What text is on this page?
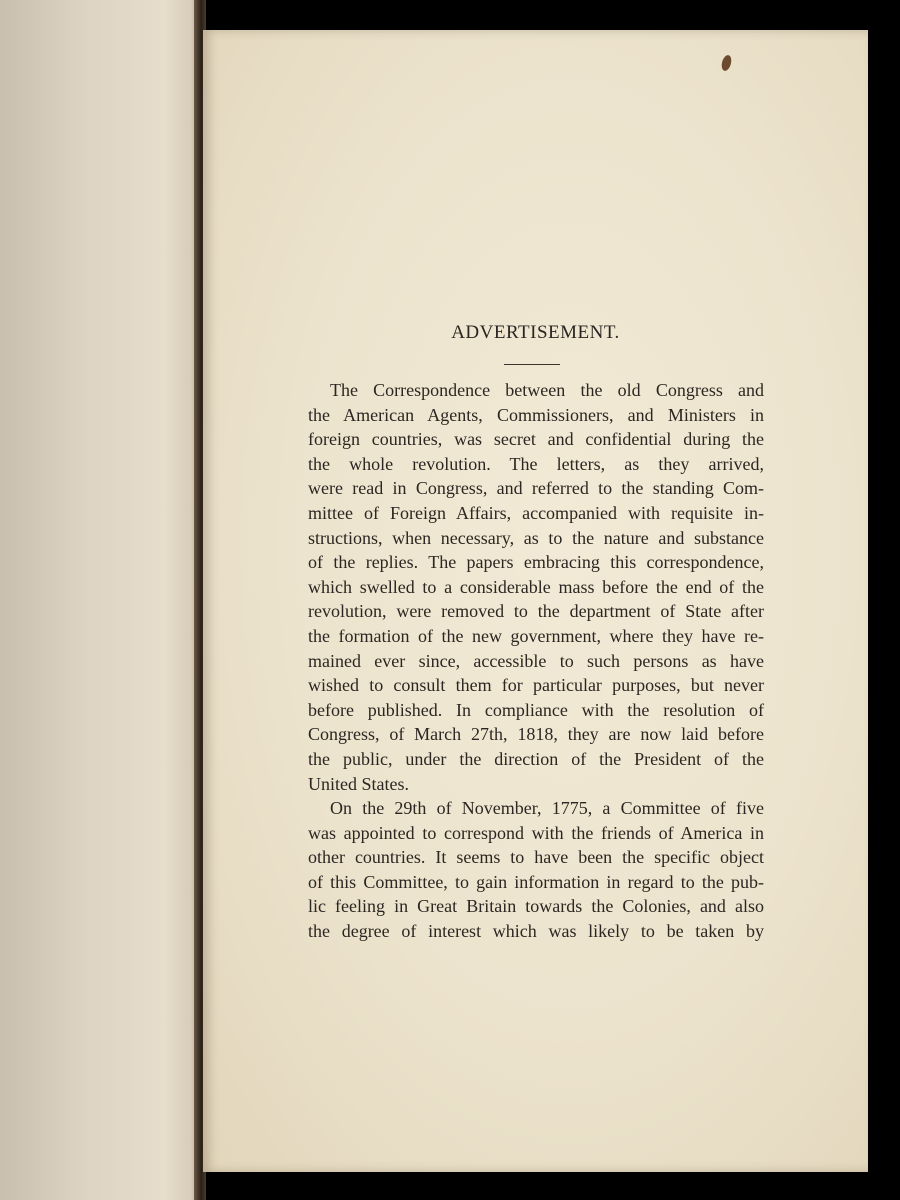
ADVERTISEMENT.
The Correspondence between the old Congress and
the American Agents, Commissioners, and Ministers in
foreign countries, was secret and confidential during the
the whole revolution. The letters, as they arrived,
were read in Congress, and referred to the standing Com-
mittee of Foreign Affairs, accompanied with requisite in-
structions, when necessary, as to the nature and substance
of the replies. The papers embracing this correspondence,
which swelled to a considerable mass before the end of the
revolution, were removed to the department of State after
the formation of the new government, where they have re-
mained ever since, accessible to such persons as have
wished to consult them for particular purposes, but never
before published. In compliance with the resolution of
Congress, of March 27th, 1818, they are now laid before
the public, under the direction of the President of the
United States.
On the 29th of November, 1775, a Committee of five
was appointed to correspond with the friends of America in
other countries. It seems to have been the specific object
of this Committee, to gain information in regard to the pub-
lic feeling in Great Britain towards the Colonies, and also
the degree of interest which was likely to be taken by
